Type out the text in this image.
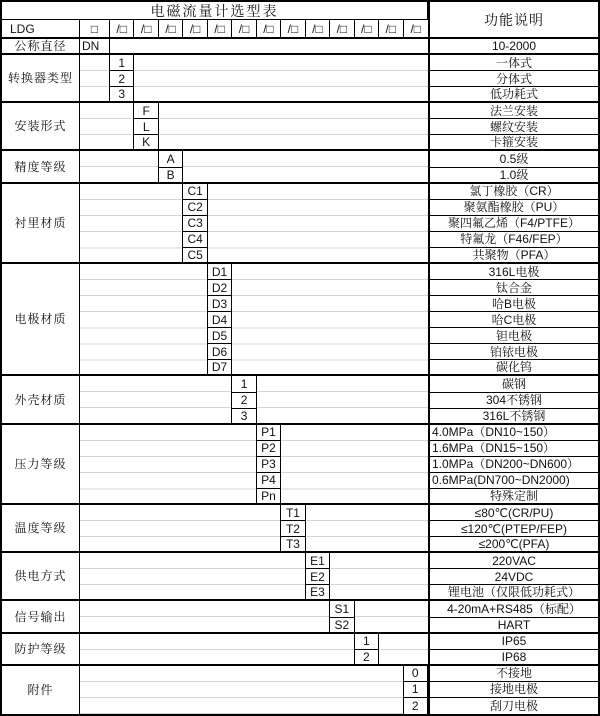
电磁流量计选型表
功能说明
LDG	□	/□	/□	/□	/□	/□	/□	/□	/□	/□	/□	/□	/□	/□
公称直径	DN	10-2000
转换器类型
1	一体式
2	分体式
3	低功耗式
安装形式
F	法兰安装
L	螺纹安装
K	卡箍安装
精度等级
A	0.5级
B	1.0级
衬里材质
C1	氯丁橡胶（CR）
C2	聚氨酯橡胶（PU）
C3	聚四氟乙烯（F4/PTFE）
C4	特氟龙（F46/FEP）
C5	共聚物（PFA）
电极材质
D1	316L电极
D2	钛合金
D3	哈B电极
D4	哈C电极
D5	钽电极
D6	铂铱电极
D7	碳化钨
外壳材质
1	碳钢
2	304不锈钢
3	316L不锈钢
压力等级
P1	4.0MPa（DN10~150）
P2	1.6MPa（DN15~150）
P3	1.0MPa（DN200~DN600）
P4	0.6MPa(DN700~DN2000)
Pn	特殊定制
温度等级
T1	≤80℃(CR/PU)
T2	≤120℃(PTEP/FEP)
T3	≤200℃(PFA)
供电方式
E1	220VAC
E2	24VDC
E3	锂电池（仅限低功耗式）
信号输出
S1	4-20mA+RS485（标配）
S2	HART
防护等级
1	IP65
2	IP68
附件
0	不接地
1	接地电极
2	刮刀电极
